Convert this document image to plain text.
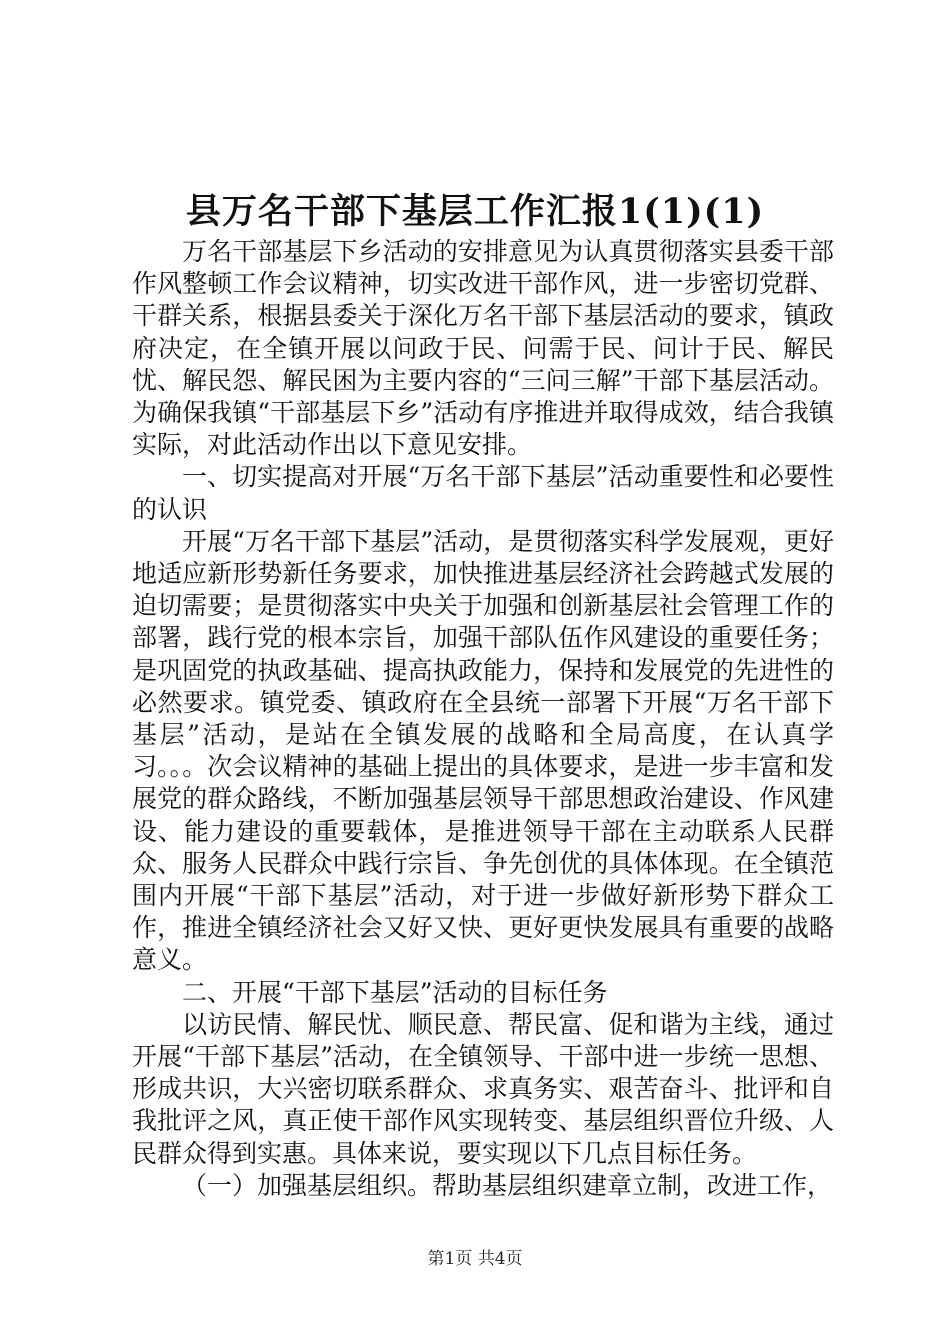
县万名干部下基层工作汇报1(1)(1)

万名干部基层下乡活动的安排意见为认真贯彻落实县委干部作风整顿工作会议精神，切实改进干部作风，进一步密切党群、干群关系，根据县委关于深化万名干部下基层活动的要求，镇政府决定，在全镇开展以问政于民、问需于民、问计于民、解民忧、解民怨、解民困为主要内容的“三问三解”干部下基层活动。为确保我镇“干部基层下乡”活动有序推进并取得成效，结合我镇实际，对此活动作出以下意见安排。

一、切实提高对开展“万名干部下基层”活动重要性和必要性的认识

开展“万名干部下基层”活动，是贯彻落实科学发展观，更好地适应新形势新任务要求，加快推进基层经济社会跨越式发展的迫切需要；是贯彻落实中央关于加强和创新基层社会管理工作的部署，践行党的根本宗旨，加强干部队伍作风建设的重要任务；是巩固党的执政基础、提高执政能力，保持和发展党的先进性的必然要求。镇党委、镇政府在全县统一部署下开展“万名干部下基层”活动，是站在全镇发展的战略和全局高度，在认真学习。。。次会议精神的基础上提出的具体要求，是进一步丰富和发展党的群众路线，不断加强基层领导干部思想政治建设、作风建设、能力建设的重要载体，是推进领导干部在主动联系人民群众、服务人民群众中践行宗旨、争先创优的具体体现。在全镇范围内开展“干部下基层”活动，对于进一步做好新形势下群众工作，推进全镇经济社会又好又快、更好更快发展具有重要的战略意义。

二、开展“干部下基层”活动的目标任务

以访民情、解民忧、顺民意、帮民富、促和谐为主线，通过开展“干部下基层”活动，在全镇领导、干部中进一步统一思想、形成共识，大兴密切联系群众、求真务实、艰苦奋斗、批评和自我批评之风，真正使干部作风实现转变、基层组织晋位升级、人民群众得到实惠。具体来说，要实现以下几点目标任务。

（一）加强基层组织。帮助基层组织建章立制，改进工作，

第1页 共4页
